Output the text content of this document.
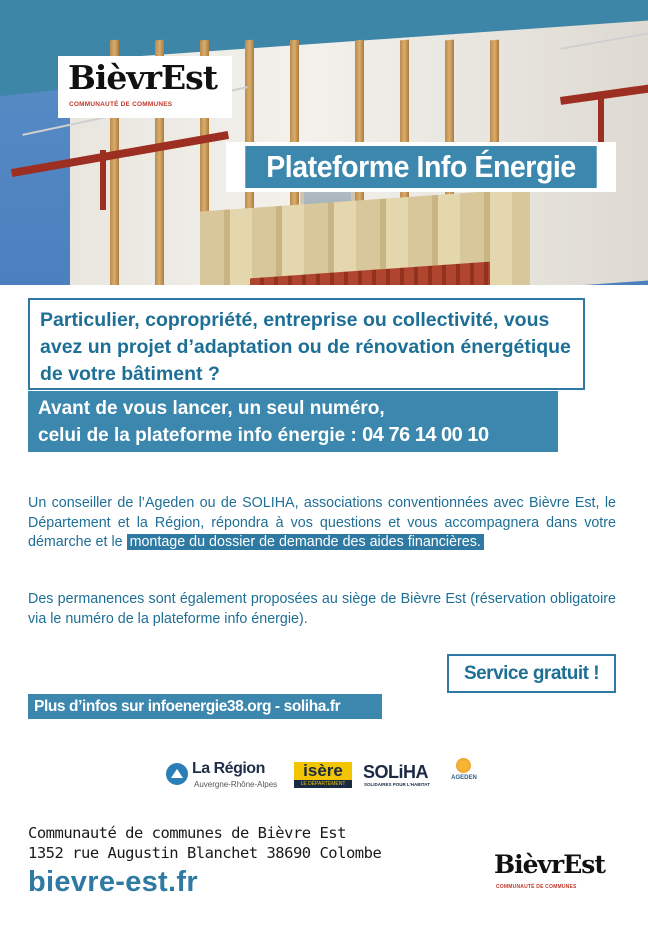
BièvrEst
COMMUNAUTÉ DE COMMUNES
Plateforme Info Énergie

Particulier, copropriété, entreprise ou collectivité, vous avez un projet d’adaptation ou de rénovation énergétique de votre bâtiment ?

Avant de vous lancer, un seul numéro,

celui de la plateforme info énergie : 04 76 14 00 10

Un conseiller de l’Ageden ou de SOLIHA, associations conventionnées avec Bièvre Est, le Département et la Région, répondra à vos questions et vous accompagnera dans votre démarche et le montage du dossier de demande des aides financières.

Des permanences sont également proposées au siège de Bièvre Est (réservation obligatoire via le numéro de la plateforme info énergie).

Service gratuit !
Plus d’infos sur infoenergie38.org - soliha.fr
La Région
Auvergne-Rhône-Alpes
isère
LE DÉPARTEMENT
SOLiHA
SOLIDAIRES POUR L’HABITAT
AGEDEN
Communauté de communes de Bièvre Est
1352 rue Augustin Blanchet 38690 Colombe
bievre-est.fr
BièvrEst
COMMUNAUTÉ DE COMMUNES
